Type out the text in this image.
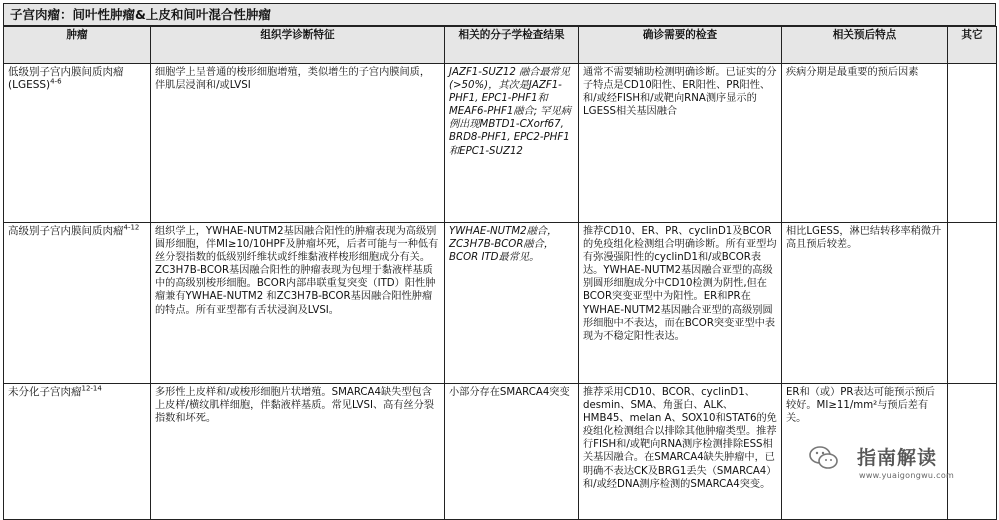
子宫肉瘤：间叶性肿瘤&上皮和间叶混合性肿瘤
肿瘤	组织学诊断特征	相关的分子学检查结果	确诊需要的检查	相关预后特点	其它
低级别子宫内膜间质肉瘤(LGESS)$^{4-6}$	细胞学上呈普通的梭形细胞增殖，类似增生的子宫内膜间质，伴肌层浸润和/或LVSI	JAZF1-SUZ12 融合最常见 (>50%)，其次是JAZF1-PHF1, EPC1-PHF1和MEAF6-PHF1融合; 罕见病例出现MBTD1-CXorf67, BRD8-PHF1, EPC2-PHF1 和EPC1-SUZ12	通常不需要辅助检测明确诊断。已证实的分子特点是CD10阳性、ER阳性、PR阳性、和/或经FISH和/或靶向RNA测序显示的LGESS相关基因融合	疾病分期是最重要的预后因素	
高级别子宫内膜间质肉瘤$^{4-12}$	组织学上，YWHAE-NUTM2基因融合阳性的肿瘤表现为高级别圆形细胞，伴MI≥10/10HPF及肿瘤坏死，后者可能与一种低有丝分裂指数的低级别纤维状或纤维黏液样梭形细胞成分有关。ZC3H7B-BCOR基因融合阳性的肿瘤表现为包埋于黏液样基质中的高级别梭形细胞。BCOR内部串联重复突变（ITD）阳性肿瘤兼有YWHAE-NUTM2 和ZC3H7B-BCOR基因融合阳性肿瘤的特点。所有亚型都有舌状浸润及LVSI。	YWHAE-NUTM2融合，ZC3H7B-BCOR融合，BCOR ITD最常见。	推荐CD10、ER、PR、cyclinD1及BCOR的免疫组化检测组合明确诊断。所有亚型均有弥漫强阳性的cyclinD1和/或BCOR表达。YWHAE-NUTM2基因融合亚型的高级别圆形细胞成分中CD10检测为阴性,但在BCOR突变亚型中为阳性。ER和PR在YWHAE-NUTM2基因融合亚型的高级别圆形细胞中不表达，而在BCOR突变亚型中表现为不稳定阳性表达。	相比LGESS，淋巴结转移率稍微升高且预后较差。	
未分化子宫肉瘤$^{12-14}$	多形性上皮样和/或梭形细胞片状增殖。SMARCA4缺失型包含上皮样/横纹肌样细胞，伴黏液样基质。常见LVSI、高有丝分裂指数和坏死。	小部分存在SMARCA4突变	推荐采用CD10、BCOR、cyclinD1、desmin、SMA、角蛋白、ALK、HMB45、melan A、SOX10和STAT6的免疫组化检测组合以排除其他肿瘤类型。推荐行FISH和/或靶向RNA测序检测排除ESS相关基因融合。在SMARCA4缺失肿瘤中，已明确不表达CK及BRG1丢失（SMARCA4）和/或经DNA测序检测的SMARCA4突变。	ER和（或）PR表达可能预示预后较好。MI≥11/mm²与预后差有关。	
指南解读
www.yuaigongwu.com
